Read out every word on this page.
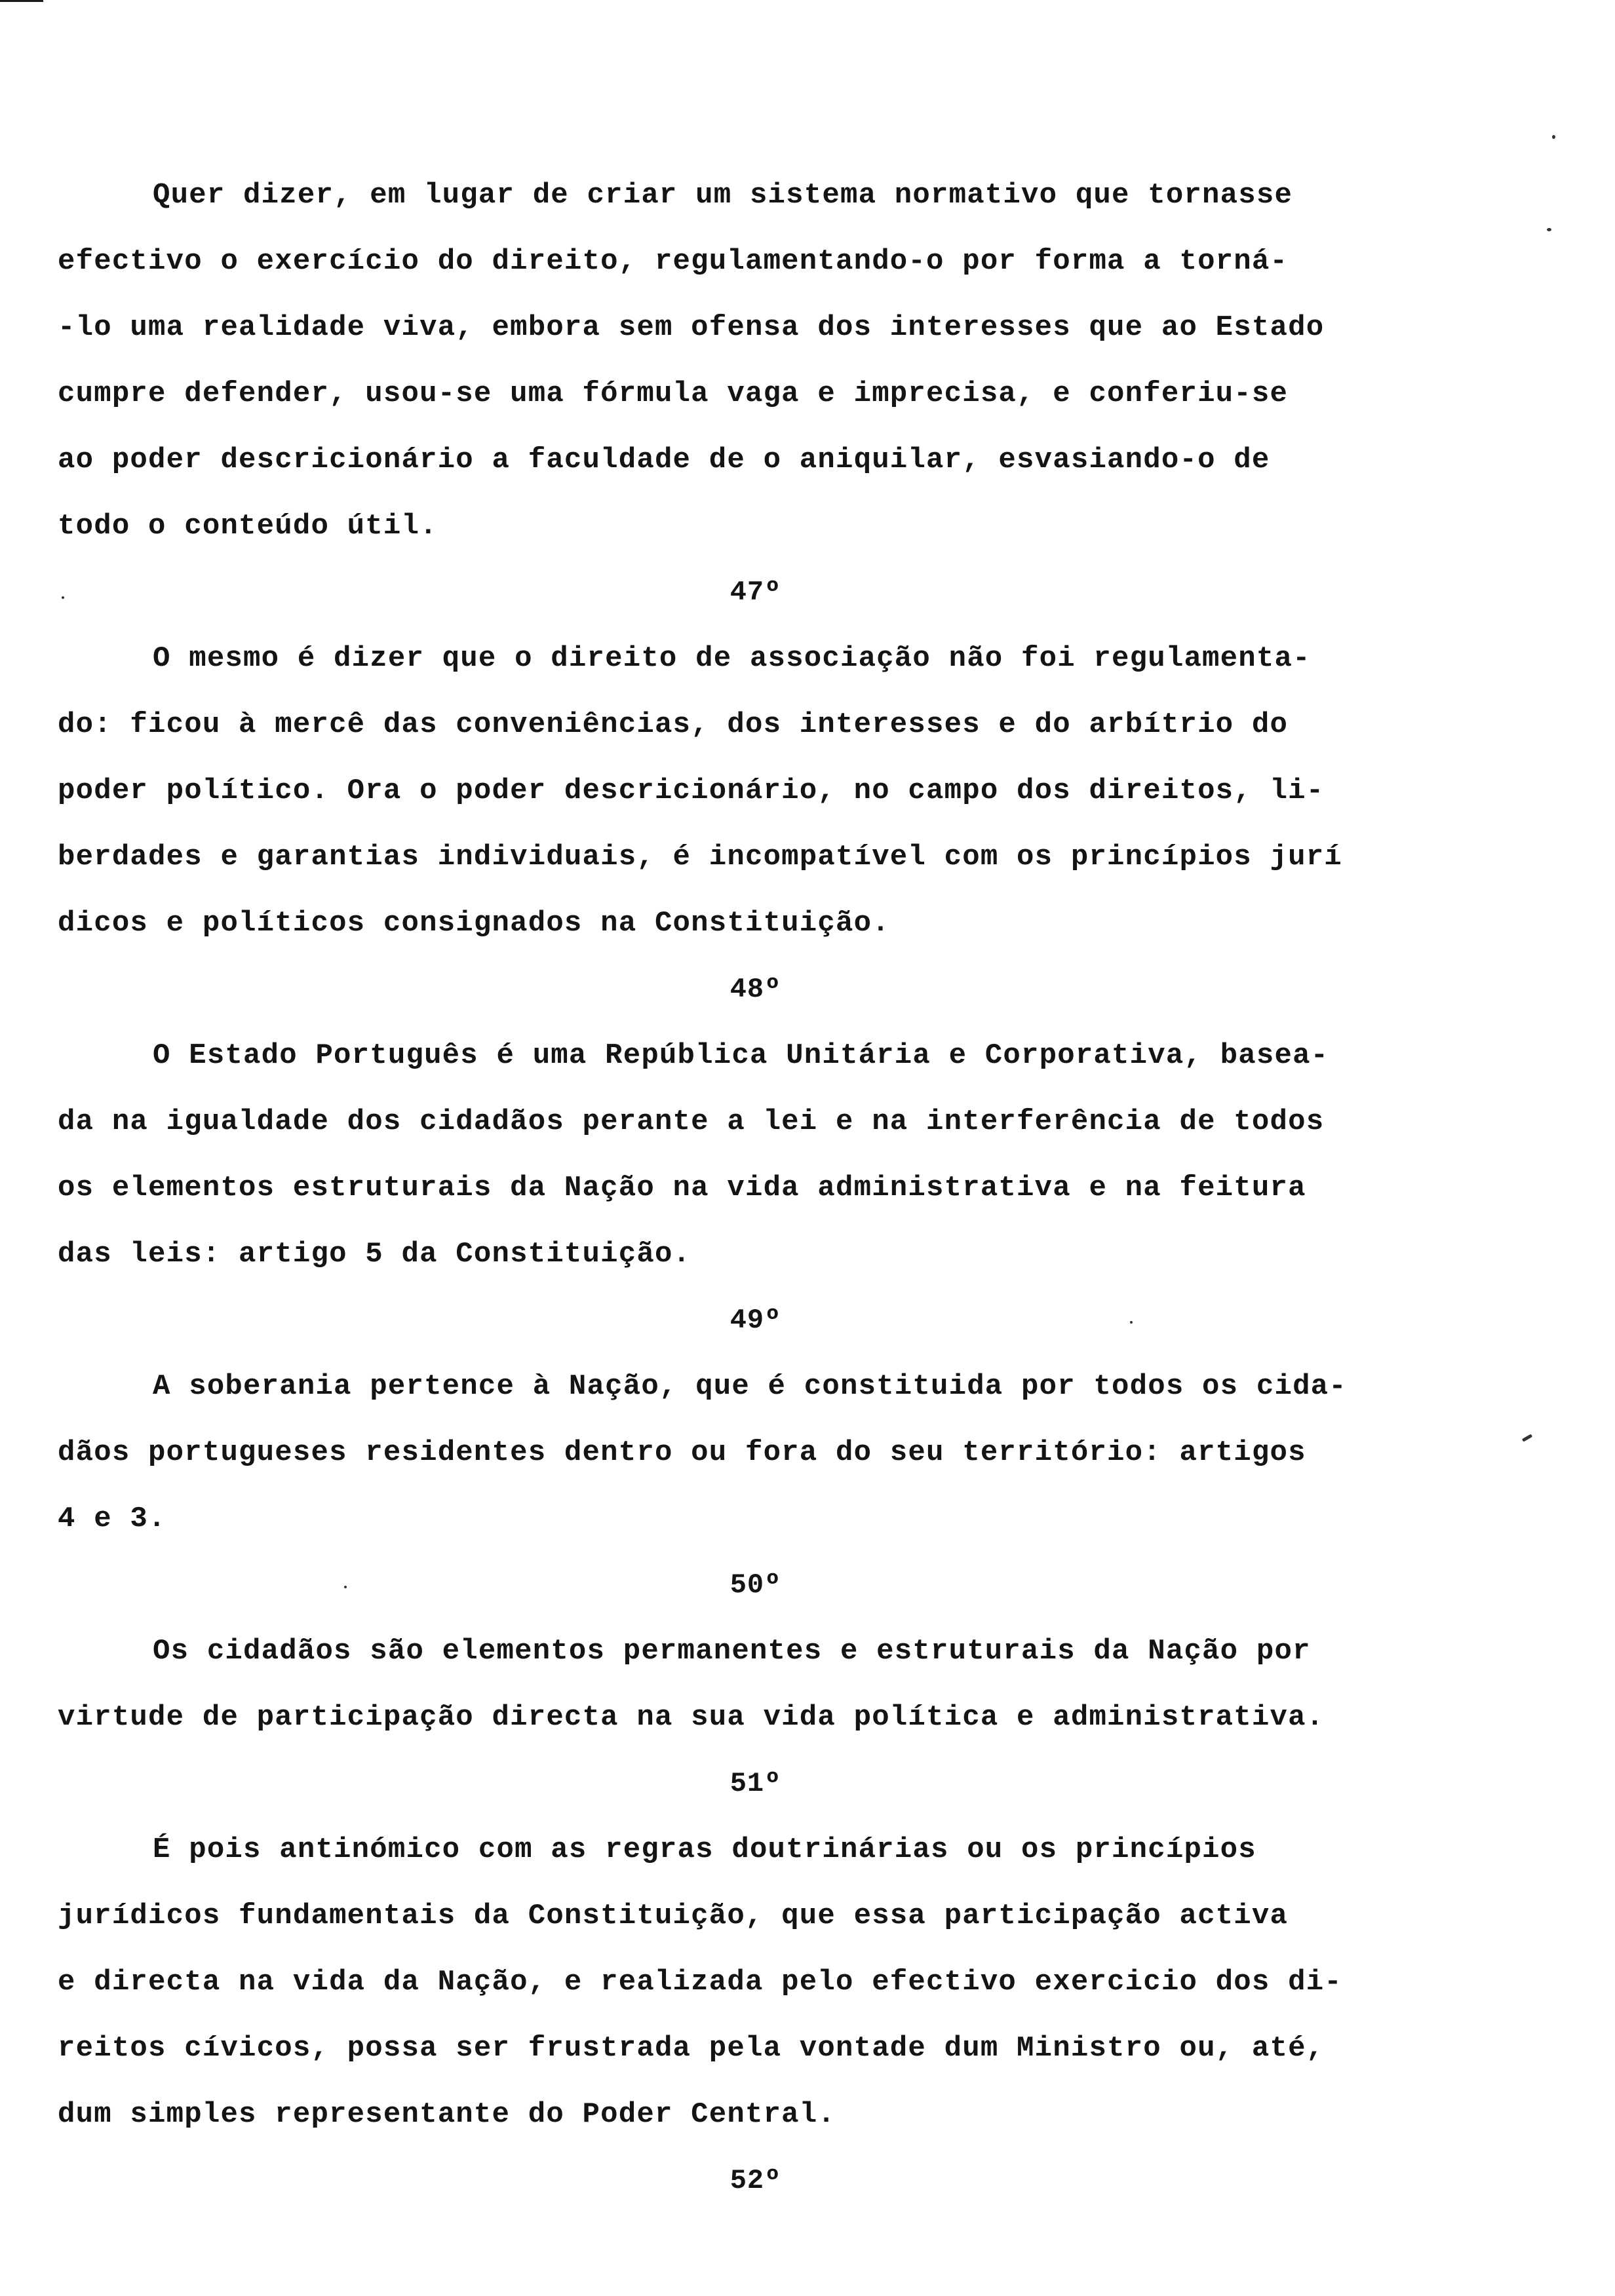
Quer dizer, em lugar de criar um sistema normativo que tornasse
efectivo o exercício do direito, regulamentando-o por forma a torná-
-lo uma realidade viva, embora sem ofensa dos interesses que ao Estado
cumpre defender, usou-se uma fórmula vaga e imprecisa, e conferiu-se
ao poder descricionário a faculdade de o aniquilar, esvasiando-o de
todo o conteúdo útil.

47º

O mesmo é dizer que o direito de associação não foi regulamenta-
do: ficou à mercê das conveniências, dos interesses e do arbítrio do
poder político. Ora o poder descricionário, no campo dos direitos, li-
berdades e garantias individuais, é incompatível com os princípios jurí
dicos e políticos consignados na Constituição.

48º

O Estado Português é uma República Unitária e Corporativa, basea-
da na igualdade dos cidadãos perante a lei e na interferência de todos
os elementos estruturais da Nação na vida administrativa e na feitura
das leis: artigo 5 da Constituição.

49º

A soberania pertence à Nação, que é constituida por todos os cida-
dãos portugueses residentes dentro ou fora do seu território: artigos
4 e 3.

50º

Os cidadãos são elementos permanentes e estruturais da Nação por
virtude de participação directa na sua vida política e administrativa.

51º

É pois antinómico com as regras doutrinárias ou os princípios
jurídicos fundamentais da Constituição, que essa participação activa
e directa na vida da Nação, e realizada pelo efectivo exercicio dos di-
reitos cívicos, possa ser frustrada pela vontade dum Ministro ou, até,
dum simples representante do Poder Central.

52º
